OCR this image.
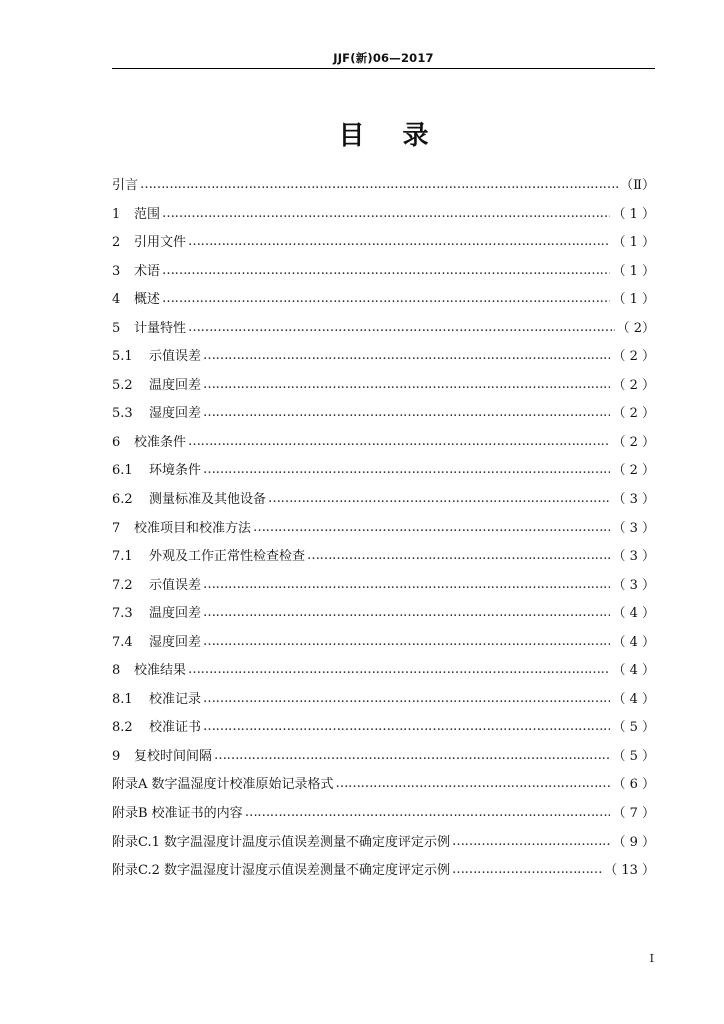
JJF(新)06—2017
目录
引言 …………………………………………………………………………………………………………………………………………………………	（Ⅱ）
1	范围 …………………………………………………………………………………………………………………………………………………………	（ 1 ）
2	引用文件 …………………………………………………………………………………………………………………………………………………………	（ 1 ）
3	术语 …………………………………………………………………………………………………………………………………………………………	（ 1 ）
4	概述 …………………………………………………………………………………………………………………………………………………………	（ 1 ）
5	计量特性 …………………………………………………………………………………………………………………………………………………………	（ 2）
5.1	示值误差 …………………………………………………………………………………………………………………………………………………………	（ 2 ）
5.2	温度回差 …………………………………………………………………………………………………………………………………………………………	（ 2 ）
5.3	湿度回差 …………………………………………………………………………………………………………………………………………………………	（ 2 ）
6	校准条件 …………………………………………………………………………………………………………………………………………………………	（ 2 ）
6.1	环境条件 …………………………………………………………………………………………………………………………………………………………	（ 2 ）
6.2	测量标准及其他设备 …………………………………………………………………………………………………………………………………………………………	（ 3 ）
7	校准项目和校准方法 …………………………………………………………………………………………………………………………………………………………	（ 3 ）
7.1	外观及工作正常性检查检查 …………………………………………………………………………………………………………………………………………………………	（ 3 ）
7.2	示值误差 …………………………………………………………………………………………………………………………………………………………	（ 3 ）
7.3	温度回差 …………………………………………………………………………………………………………………………………………………………	（ 4 ）
7.4	湿度回差 …………………………………………………………………………………………………………………………………………………………	（ 4 ）
8	校准结果 …………………………………………………………………………………………………………………………………………………………	（ 4 ）
8.1	校准记录 …………………………………………………………………………………………………………………………………………………………	（ 4 ）
8.2	校准证书 …………………………………………………………………………………………………………………………………………………………	（ 5 ）
9	复校时间间隔 …………………………………………………………………………………………………………………………………………………………	（ 5 ）
附录A 数字温湿度计校准原始记录格式 …………………………………………………………………………………………………………………………………………………………	（ 6 ）
附录B 校准证书的内容 …………………………………………………………………………………………………………………………………………………………	（ 7 ）
附录C.1 数字温湿度计温度示值误差测量不确定度评定示例 …………………………………………………………………………………………………………………………………………………………	（ 9 ）
附录C.2 数字温湿度计湿度示值误差测量不确定度评定示例 …………………………………………………………………………………………………………………………………………………………	（ 13 ）
I
